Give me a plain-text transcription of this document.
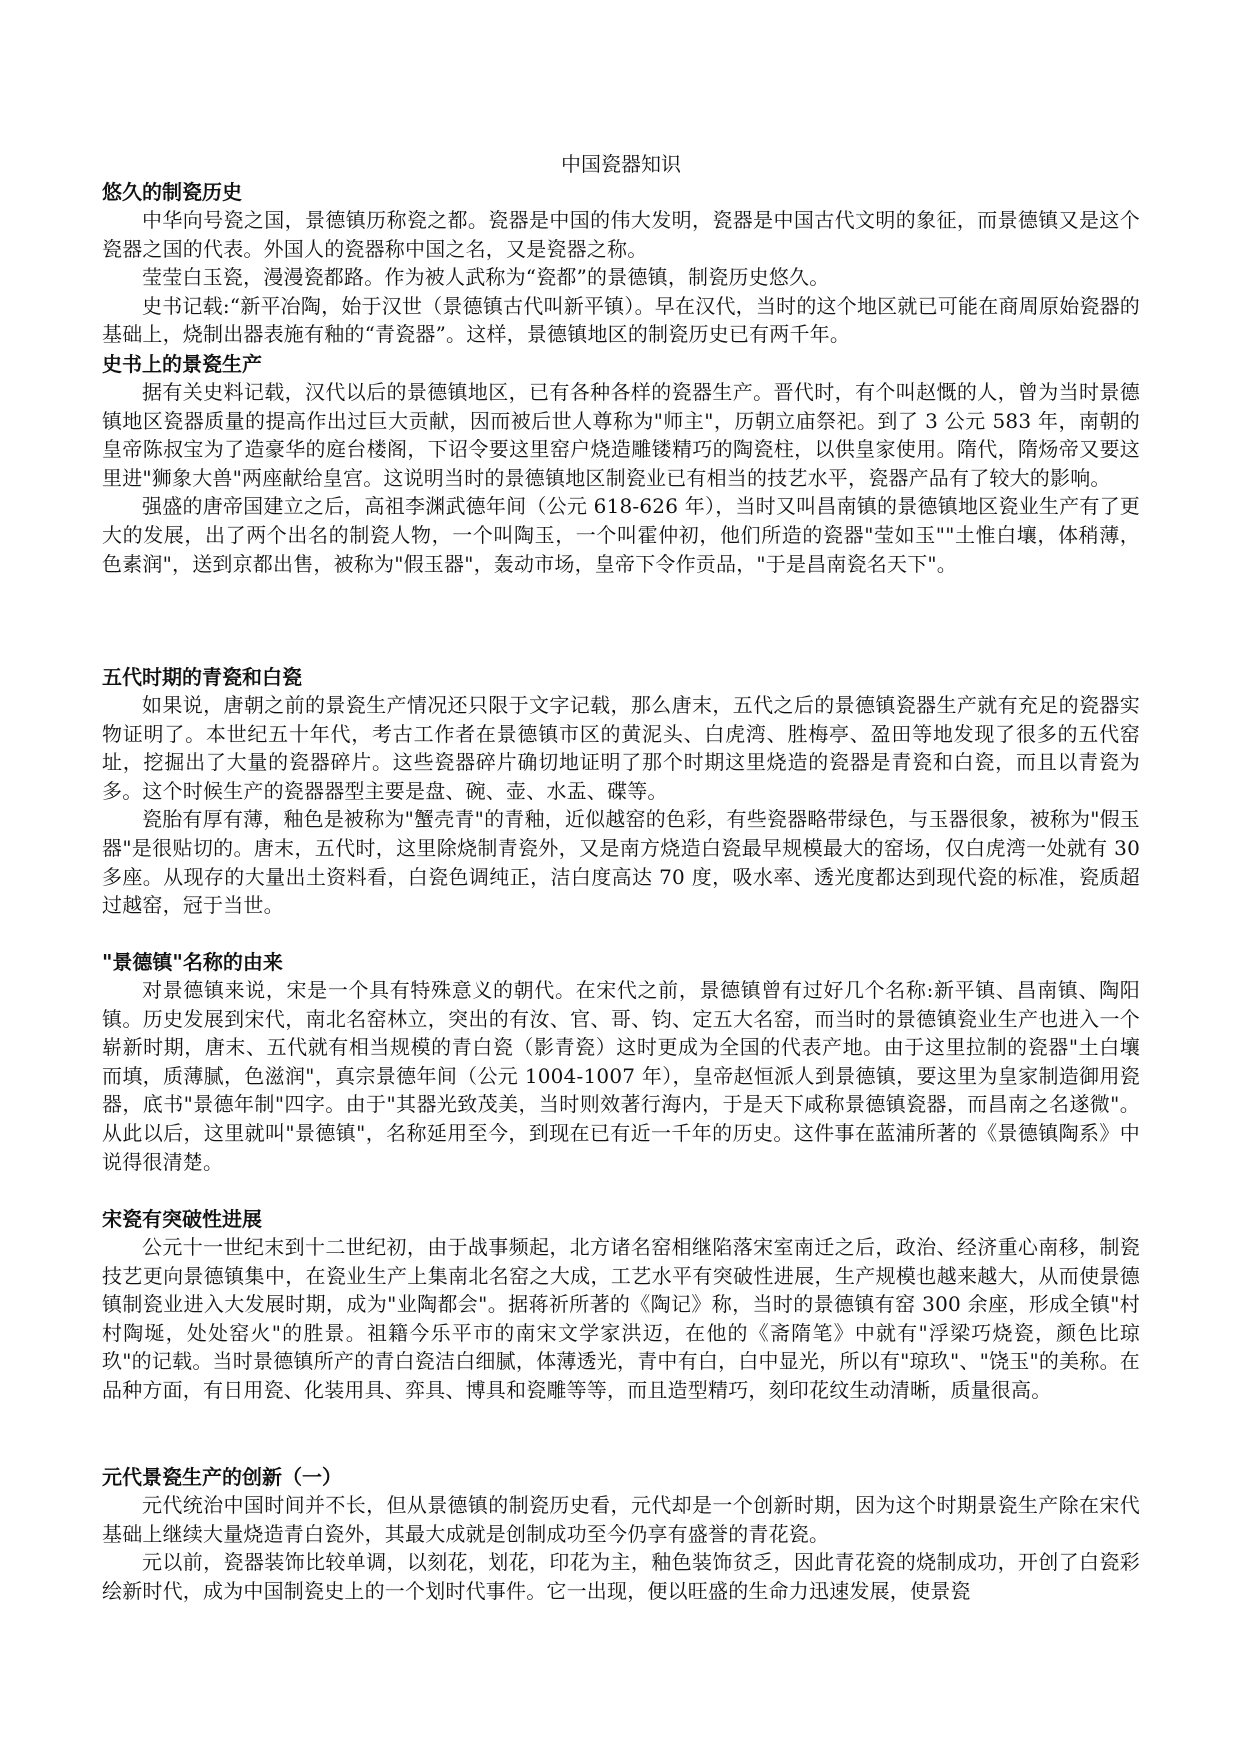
中国瓷器知识
悠久的制瓷历史

中华向号瓷之国，景德镇历称瓷之都。瓷器是中国的伟大发明，瓷器是中国古代文明的象征，而景德镇又是这个瓷器之国的代表。外国人的瓷器称中国之名，又是瓷器之称。

莹莹白玉瓷，漫漫瓷都路。作为被人武称为“瓷都”的景德镇，制瓷历史悠久。

史书记载:“新平冶陶，始于汉世（景德镇古代叫新平镇）。早在汉代，当时的这个地区就已可能在商周原始瓷器的基础上，烧制出器表施有釉的“青瓷器”。这样，景德镇地区的制瓷历史已有两千年。

史书上的景瓷生产

据有关史料记载，汉代以后的景德镇地区，已有各种各样的瓷器生产。晋代时，有个叫赵慨的人，曾为当时景德镇地区瓷器质量的提高作出过巨大贡献，因而被后世人尊称为"师主"，历朝立庙祭祀。到了 3 公元 583 年，南朝的皇帝陈叔宝为了造豪华的庭台楼阁，下诏令要这里窑户烧造雕镂精巧的陶瓷柱，以供皇家使用。隋代，隋炀帝又要这里进"狮象大兽"两座献给皇宫。这说明当时的景德镇地区制瓷业已有相当的技艺水平，瓷器产品有了较大的影响。

强盛的唐帝国建立之后，高祖李渊武德年间（公元 618-626 年），当时又叫昌南镇的景德镇地区瓷业生产有了更大的发展，出了两个出名的制瓷人物，一个叫陶玉，一个叫霍仲初，他们所造的瓷器"莹如玉""土惟白壤，体稍薄，色素润"，送到京都出售，被称为"假玉器"，轰动市场，皇帝下令作贡品，"于是昌南瓷名天下"。

五代时期的青瓷和白瓷

如果说，唐朝之前的景瓷生产情况还只限于文字记载，那么唐末，五代之后的景德镇瓷器生产就有充足的瓷器实物证明了。本世纪五十年代，考古工作者在景德镇市区的黄泥头、白虎湾、胜梅亭、盈田等地发现了很多的五代窑址，挖掘出了大量的瓷器碎片。这些瓷器碎片确切地证明了那个时期这里烧造的瓷器是青瓷和白瓷，而且以青瓷为多。这个时候生产的瓷器器型主要是盘、碗、壶、水盂、碟等。

瓷胎有厚有薄，釉色是被称为"蟹壳青"的青釉，近似越窑的色彩，有些瓷器略带绿色，与玉器很象，被称为"假玉器"是很贴切的。唐末，五代时，这里除烧制青瓷外，又是南方烧造白瓷最早规模最大的窑场，仅白虎湾一处就有 30 多座。从现存的大量出土资料看，白瓷色调纯正，洁白度高达 70 度，吸水率、透光度都达到现代瓷的标准，瓷质超过越窑，冠于当世。

"景德镇"名称的由来

对景德镇来说，宋是一个具有特殊意义的朝代。在宋代之前，景德镇曾有过好几个名称:新平镇、昌南镇、陶阳镇。历史发展到宋代，南北名窑林立，突出的有汝、官、哥、钧、定五大名窑，而当时的景德镇瓷业生产也进入一个崭新时期，唐末、五代就有相当规模的青白瓷（影青瓷）这时更成为全国的代表产地。由于这里拉制的瓷器"土白壤而填，质薄腻，色滋润"，真宗景德年间（公元 1004-1007 年），皇帝赵恒派人到景德镇，要这里为皇家制造御用瓷器，底书"景德年制"四字。由于"其器光致茂美，当时则效著行海内，于是天下咸称景德镇瓷器，而昌南之名遂微"。从此以后，这里就叫"景德镇"，名称延用至今，到现在已有近一千年的历史。这件事在蓝浦所著的《景德镇陶系》中说得很清楚。

宋瓷有突破性进展

公元十一世纪末到十二世纪初，由于战事频起，北方诸名窑相继陷落宋室南迁之后，政治、经济重心南移，制瓷技艺更向景德镇集中，在瓷业生产上集南北名窑之大成，工艺水平有突破性进展，生产规模也越来越大，从而使景德镇制瓷业进入大发展时期，成为"业陶都会"。据蒋祈所著的《陶记》称，当时的景德镇有窑 300 余座，形成全镇"村村陶埏，处处窑火"的胜景。祖籍今乐平市的南宋文学家洪迈，在他的《斋隋笔》中就有"浮梁巧烧瓷，颜色比琼玖"的记载。当时景德镇所产的青白瓷洁白细腻，体薄透光，青中有白，白中显光，所以有"琼玖"、"饶玉"的美称。在品种方面，有日用瓷、化装用具、弈具、博具和瓷雕等等，而且造型精巧，刻印花纹生动清晰，质量很高。

元代景瓷生产的创新（一）

元代统治中国时间并不长，但从景德镇的制瓷历史看，元代却是一个创新时期，因为这个时期景瓷生产除在宋代基础上继续大量烧造青白瓷外，其最大成就是创制成功至今仍享有盛誉的青花瓷。

元以前，瓷器装饰比较单调，以刻花，划花，印花为主，釉色装饰贫乏，因此青花瓷的烧制成功，开创了白瓷彩绘新时代，成为中国制瓷史上的一个划时代事件。它一出现，便以旺盛的生命力迅速发展，使景瓷
